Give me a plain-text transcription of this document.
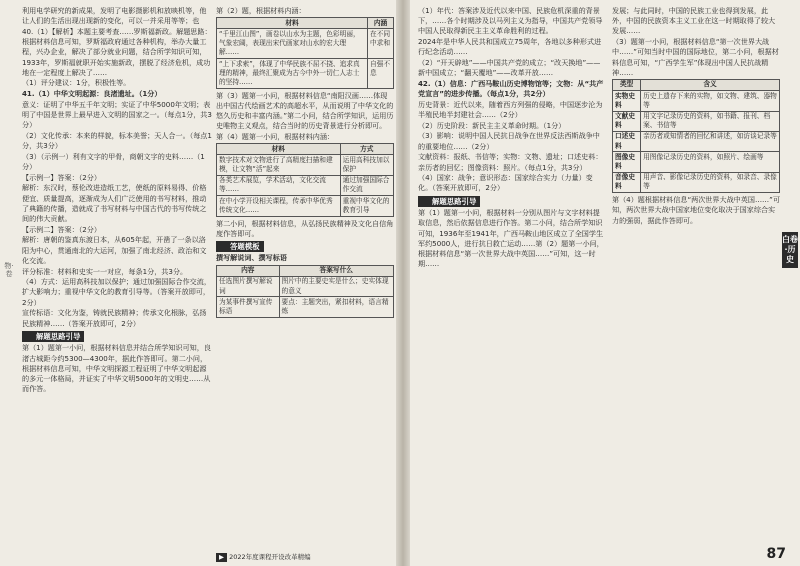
利用电学研究的新成果，发明了电影摄影机和放映机等，他让人们的生活出现出现新的变化，可以一并采用等等；也

40.（1）【解析】本题主要考查……罗斯福新政。解题思路：根据材料信息可知，罗斯福政府通过各种机构，举办大量工程，兴办企业，解决了部分就业问题，结合所学知识可知，1933年，罗斯福就职开始实施新政，摆脱了经济危机，成功地在一定程度上解决了……

（1）评分建议：1分，积极性等。

41.（1）中华文明起源：良渚遗址。（1分）

意义：证明了中华五千年文明；实证了中华5000年文明；表明了中国是世界上最早进入文明的国家之一。（每点1分，共3分）

（2）文化传承：本来的样貌，标本美誉；天人合一。（每点1分，共3分）

（3）（示例一）利有文字的甲骨，商朝文字的史料……（1分）

【示例一】答案：（2分）

解析：东汉时，蔡伦改进造纸工艺，使纸的原料易得、价格便宜、质量提高，逐渐成为人们广泛使用的书写材料，推动了典籍的传播，造就成了书写材料与中国古代的书写传统之间的伟大贡献。

【示例二】答案：（2分）

解析：唐朝的鉴真东渡日本，从605年起，开凿了一条以洛阳为中心，贯通南北的大运河，加强了南北经济、政治和文化交流。

评分标准：材料和史实一一对应，每条1分，共3分。

（4）方式：运用高科技加以保护；通过加强国际合作交流，扩大影响力；重视中华文化的教育引导等。（答案开放即可，2分）

宣传标语：文化为鉴，铸就民族精神；传承文化根脉，弘扬民族精神……（答案开放即可，2分）

解题思路引导

第（1）题第一小问，根据材料信息并结合所学知识可知，良渚古城距今约5300—4300年，据此作答即可。第二小问，根据材料信息可知，中华文明探源工程证明了中华文明起源的多元一体格局，并证实了中华文明5000年的文明史……从而作答。

第（2）题，根据材料内涵：

材料	内涵
“千里江山图”，画卷以山水为主题，色彩明丽，气象宏阔，表现出宋代画家对山水的宏大理解……	在不同中求和
“上下求索”，体现了中华民族不屈不挠、追求真理的精神，最终汇聚成为古今中外一切仁人志士的坚持……	自强不息

第（3）题第一小问，根据材料信息“南阳汉画……体现出中国古代绘画艺术的高超水平，从而说明了中华文化的悠久历史和丰富内涵。”第二小问，结合所学知识，运用历史唯物主义观点，结合当时的历史背景进行分析即可。

第（4）题第一小问，根据材料内涵：

材料	方式
数字技术对文物进行了高精度扫描和建模，让文物“活”起来	运用高科技加以保护
各类艺术展览，学术活动，文化交流等……	通过加强国际合作交流
在中小学开设相关课程，传承中华优秀传统文化……	重视中华文化的教育引导

第二小问，根据材料信息，从弘扬民族精神及文化自信角度作答即可。

答题模板

撰写解说词、撰写标语

内容	答案写什么
任选图片撰写解说词	图片中的主要史实是什么；史实体现的意义
为某事件撰写宣传标语	要点：主题突出，紧扣材料，语言精炼
▶ 2022年度课程开设改革精编

（1）年代：答案涉及近代以来中国、民族危机深重的背景下，……各个时期涉及以马列主义为指导，中国共产党领导中国人民取得新民主主义革命胜利的过程。

2024年是中华人民共和国成立75周年，各地以多种形式进行纪念活动……

（2）“开天辟地”——中国共产党的成立；“改天换地”——新中国成立；“翻天覆地”——改革开放……

42.（1）信息：广西马鞍山历史博物馆等；文物：从“共产党宣言”的进步传播。（每点1分，共2分）

历史背景：近代以来，随着西方列强的侵略，中国逐步沦为半殖民地半封建社会……（2分）

（2）历史阶段：新民主主义革命时期。（1分）

（3）影响：说明中国人民抗日战争在世界反法西斯战争中的重要地位……（2分）

文献资料：报纸、书信等；实物：文物、遗址；口述史料：亲历者的回忆；图像资料：照片。（每点1分，共3分）

（4）国家：战争；意识形态：国家综合实力（力量）变化。（答案开放即可，2分）

解题思路引导

第（1）题第一小问，根据材料一分别从图片与文字材料提取信息，然后依据信息进行作答。第二小问，结合所学知识可知，1936年至1941年，广西马鞍山地区成立了全国学生军约5000人，进行抗日救亡运动……第（2）题第一小问，根据材料信息“第一次世界大战中英国……”可知，这一时期……

发展；与此同时，中国的民族工业也得到发展，此外，中国的民族资本主义工业在这一时期取得了较大发展……

（3）题第一小问，根据材料信息“第一次世界大战中……”可知当时中国的国际地位，第二小问，根据材料信息可知，“广西学生军”体现出中国人民抗战精神……

类型	含义
实物史料	历史上遗存下来的实物，如文物、建筑、器物等
文献史料	用文字记录历史的资料，如书籍、报刊、档案、书信等
口述史料	亲历者或知情者的回忆和讲述，如访谈记录等
图像史料	用图像记录历史的资料，如照片、绘画等
音像史料	用声音、影像记录历史的资料，如录音、录像等

第（4）题根据材料信息“两次世界大战中英国……”可知，两次世界大战中国家地位变化取决于国家综合实力的强弱，据此作答即可。

白卷·历史
物·卷
87
